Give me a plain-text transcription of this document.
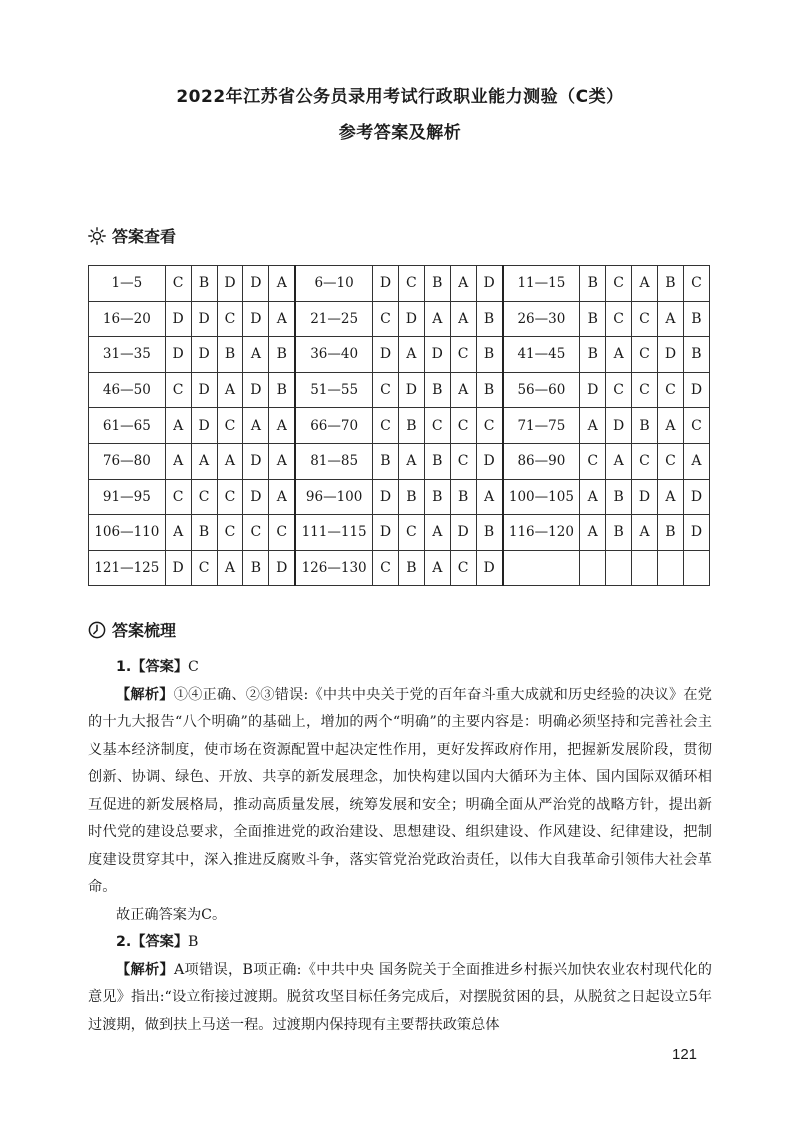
2022年江苏省公务员录用考试行政职业能力测验（C类）
参考答案及解析
答案查看
1—5	C	B	D	D	A	6—10	D	C	B	A	D	11—15	B	C	A	B	C
16—20	D	D	C	D	A	21—25	C	D	A	A	B	26—30	B	C	C	A	B
31—35	D	D	B	A	B	36—40	D	A	D	C	B	41—45	B	A	C	D	B
46—50	C	D	A	D	B	51—55	C	D	B	A	B	56—60	D	C	C	C	D
61—65	A	D	C	A	A	66—70	C	B	C	C	C	71—75	A	D	B	A	C
76—80	A	A	A	D	A	81—85	B	A	B	C	D	86—90	C	A	C	C	A
91—95	C	C	C	D	A	96—100	D	B	B	B	A	100—105	A	B	D	A	D
106—110	A	B	C	C	C	111—115	D	C	A	D	B	116—120	A	B	A	B	D
121—125	D	C	A	B	D	126—130	C	B	A	C	D						
答案梳理

1.【答案】C

【解析】①④正确、②③错误:《中共中央关于党的百年奋斗重大成就和历史经验的决议》在党的十九大报告“八个明确”的基础上，增加的两个“明确”的主要内容是：明确必须坚持和完善社会主义基本经济制度，使市场在资源配置中起决定性作用，更好发挥政府作用，把握新发展阶段，贯彻创新、协调、绿色、开放、共享的新发展理念，加快构建以国内大循环为主体、国内国际双循环相互促进的新发展格局，推动高质量发展，统筹发展和安全；明确全面从严治党的战略方针，提出新时代党的建设总要求，全面推进党的政治建设、思想建设、组织建设、作风建设、纪律建设，把制度建设贯穿其中，深入推进反腐败斗争，落实管党治党政治责任，以伟大自我革命引领伟大社会革命。

故正确答案为C。

2.【答案】B

【解析】A项错误，B项正确:《中共中央 国务院关于全面推进乡村振兴加快农业农村现代化的意见》指出:“设立衔接过渡期。脱贫攻坚目标任务完成后，对摆脱贫困的县，从脱贫之日起设立5年过渡期，做到扶上马送一程。过渡期内保持现有主要帮扶政策总体

121
